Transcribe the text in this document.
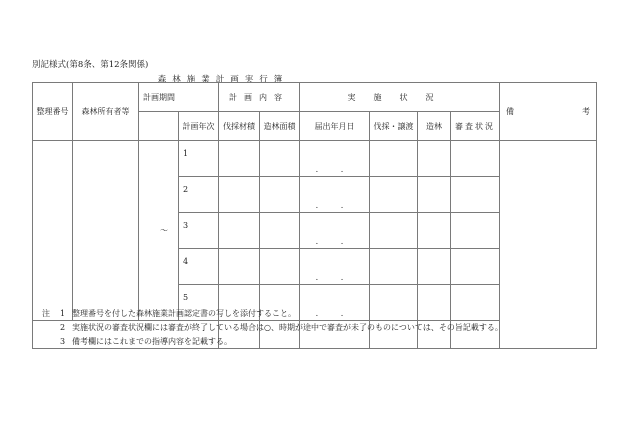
別記様式(第8条、第12条関係)
森林施業計画実行簿
整理番号	森林所有者等	計画期間		計画内容		実施状況				備 考

			計画年次	伐採材積	造林面積	届出年月日	伐採・譲渡	造林	審査状況	
		〜	1			. .				
			2			. .				
			3			. .				
			4			. .				
			5			. .				

注	1 整理番号を付した森林施業計画認定書の写しを添付すること。
2 実施状況の審査状況欄には審査が終了している場合は○、時期が途中で審査が未了のものについては、その旨記載する。
3 備考欄にはこれまでの指導内容を記載する。
